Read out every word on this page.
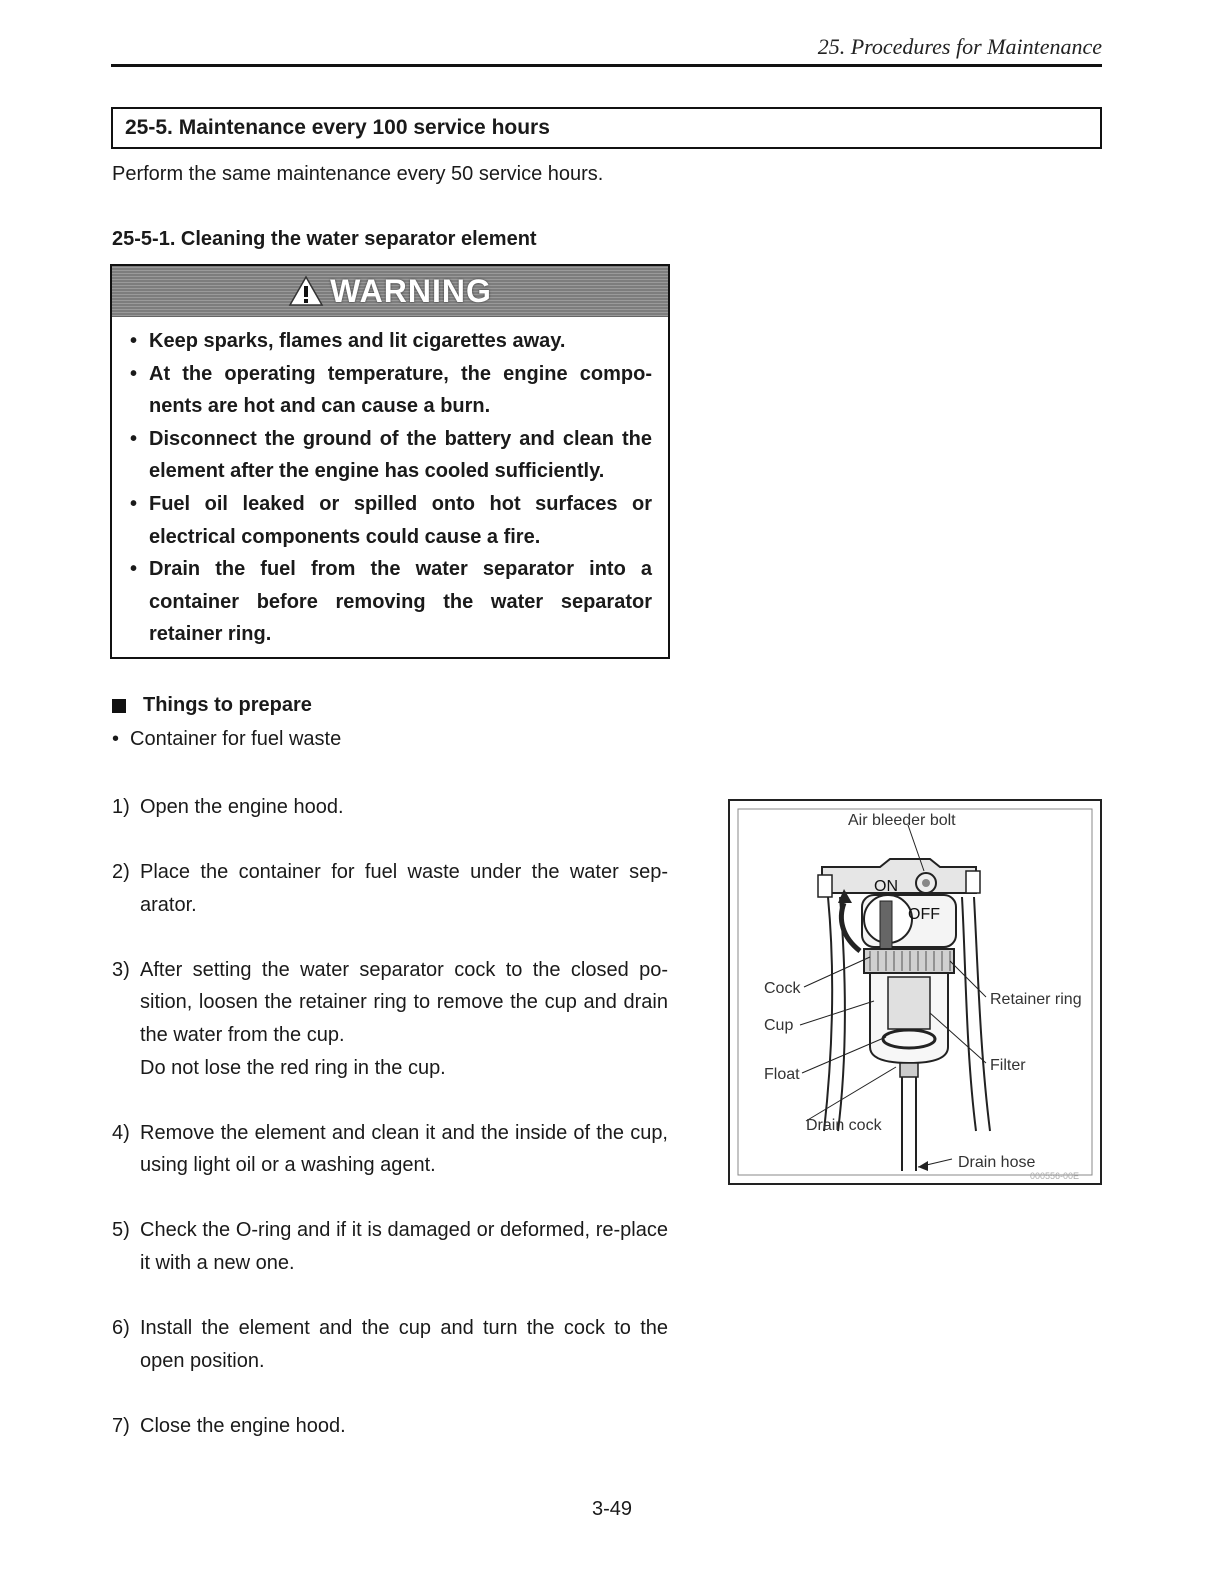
25. Procedures for Maintenance
25-5. Maintenance every 100 service hours
Perform the same maintenance every 50 service hours.
25-5-1. Cleaning the water separator element
WARNING
• Keep sparks, flames and lit cigarettes away.
• At the operating temperature, the engine compo-nents are hot and can cause a burn.
• Disconnect the ground of the battery and clean the element after the engine has cooled sufficiently.
• Fuel oil leaked or spilled onto hot surfaces or electrical components could cause a fire.
• Drain the fuel from the water separator into a container before removing the water separator retainer ring.
Things to prepare
• Container for fuel waste
1) Open the engine hood.
2) Place the container for fuel waste under the water sep-arator.
3) After setting the water separator cock to the closed po-sition, loosen the retainer ring to remove the cup and drain the water from the cup.
Do not lose the red ring in the cup.
4) Remove the element and clean it and the inside of the cup, using light oil or a washing agent.
5) Check the O-ring and if it is damaged or deformed, re-place it with a new one.
6) Install the element and the cup and turn the cock to the open position.
7) Close the engine hood.
Air bleeder bolt
ON
OFF
Cock
Cup
Float
Drain cock
Retainer ring
Filter
Drain hose
000556-00E
3-49
